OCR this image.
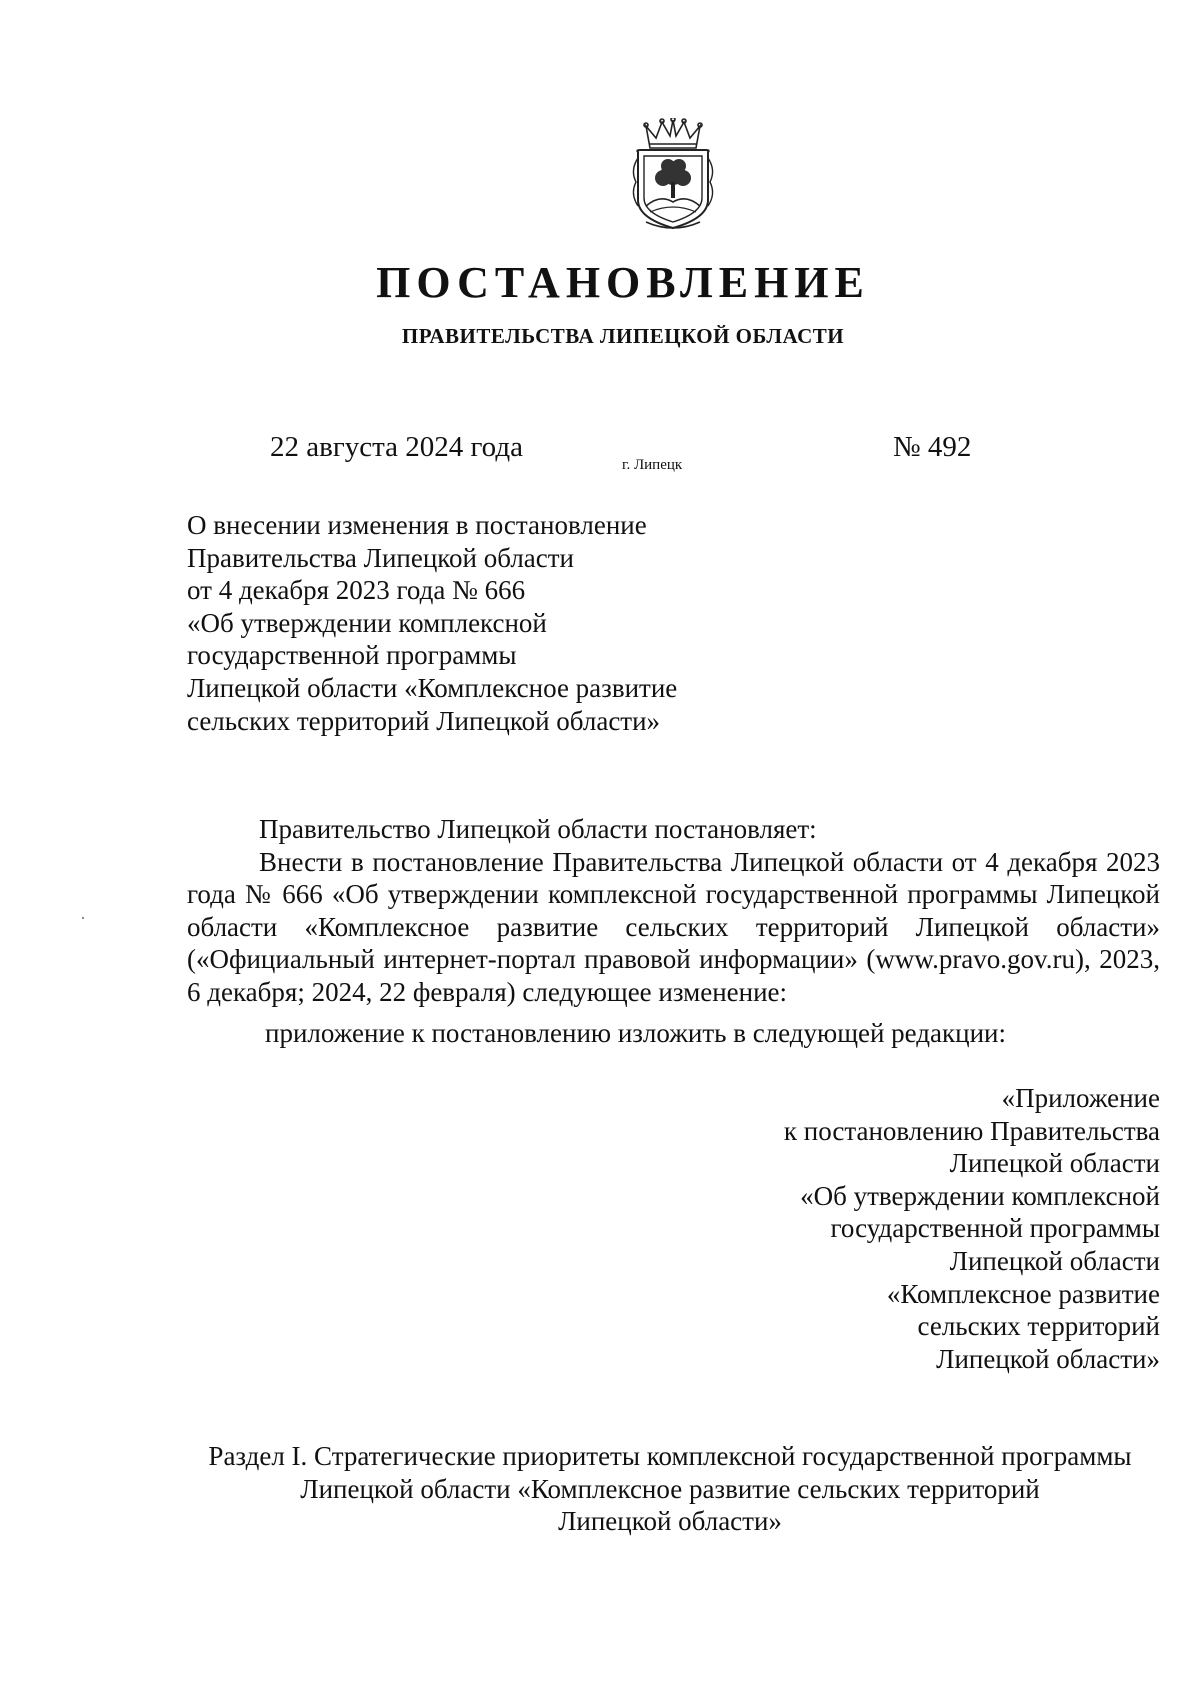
ПОСТАНОВЛЕНИЕ
ПРАВИТЕЛЬСТВА ЛИПЕЦКОЙ ОБЛАСТИ
22 августа 2024 года
г. Липецк
№ 492
О внесении изменения в постановление
Правительства Липецкой области
от 4 декабря 2023 года № 666
«Об утверждении комплексной
государственной программы
Липецкой области «Комплексное развитие
сельских территорий Липецкой области»
Правительство Липецкой области постановляет:
Внести в постановление Правительства Липецкой области от 4 декабря 2023 года № 666 «Об утверждении комплексной государственной программы Липецкой области «Комплексное развитие сельских территорий Липецкой области» («Официальный интернет-портал правовой информации» (www.pravo.gov.ru), 2023, 6 декабря; 2024, 22 февраля) следующее изменение:
приложение к постановлению изложить в следующей редакции:
«Приложение
к постановлению Правительства
Липецкой области
«Об утверждении комплексной
государственной программы
Липецкой области
«Комплексное развитие
сельских территорий
Липецкой области»
Раздел I. Стратегические приоритеты комплексной государственной программы
Липецкой области «Комплексное развитие сельских территорий
Липецкой области»
